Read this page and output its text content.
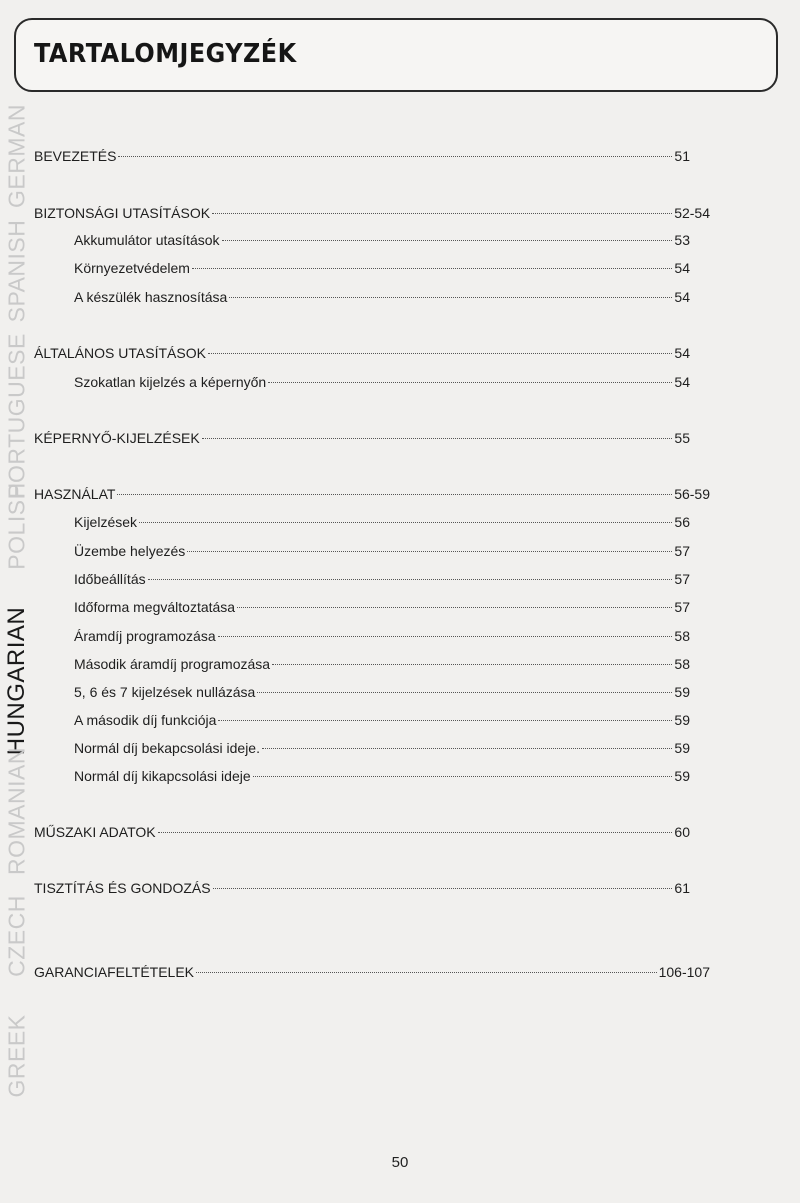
TARTALOMJEGYZÉK
GERMAN
SPANISH
PORTUGUESE
POLISH
HUNGARIAN
ROMANIAN
CZECH
GREEK
BEVEZETÉS	51
BIZTONSÁGI UTASÍTÁSOK	52-54
Akkumulátor utasítások	53
Környezetvédelem	54
A készülék hasznosítása	54
ÁLTALÁNOS UTASÍTÁSOK	54
Szokatlan kijelzés a képernyőn	54
KÉPERNYŐ-KIJELZÉSEK	55
HASZNÁLAT	56-59
Kijelzések	56
Üzembe helyezés	57
Időbeállítás	57
Időforma megváltoztatása	57
Áramdíj programozása	58
Második áramdíj programozása	58
5, 6 és 7 kijelzések nullázása	59
A második díj funkciója	59
Normál díj bekapcsolási ideje.	59
Normál díj kikapcsolási ideje	59
MŰSZAKI ADATOK	60
TISZTÍTÁS ÉS GONDOZÁS	61
GARANCIAFELTÉTELEK	106-107
50
